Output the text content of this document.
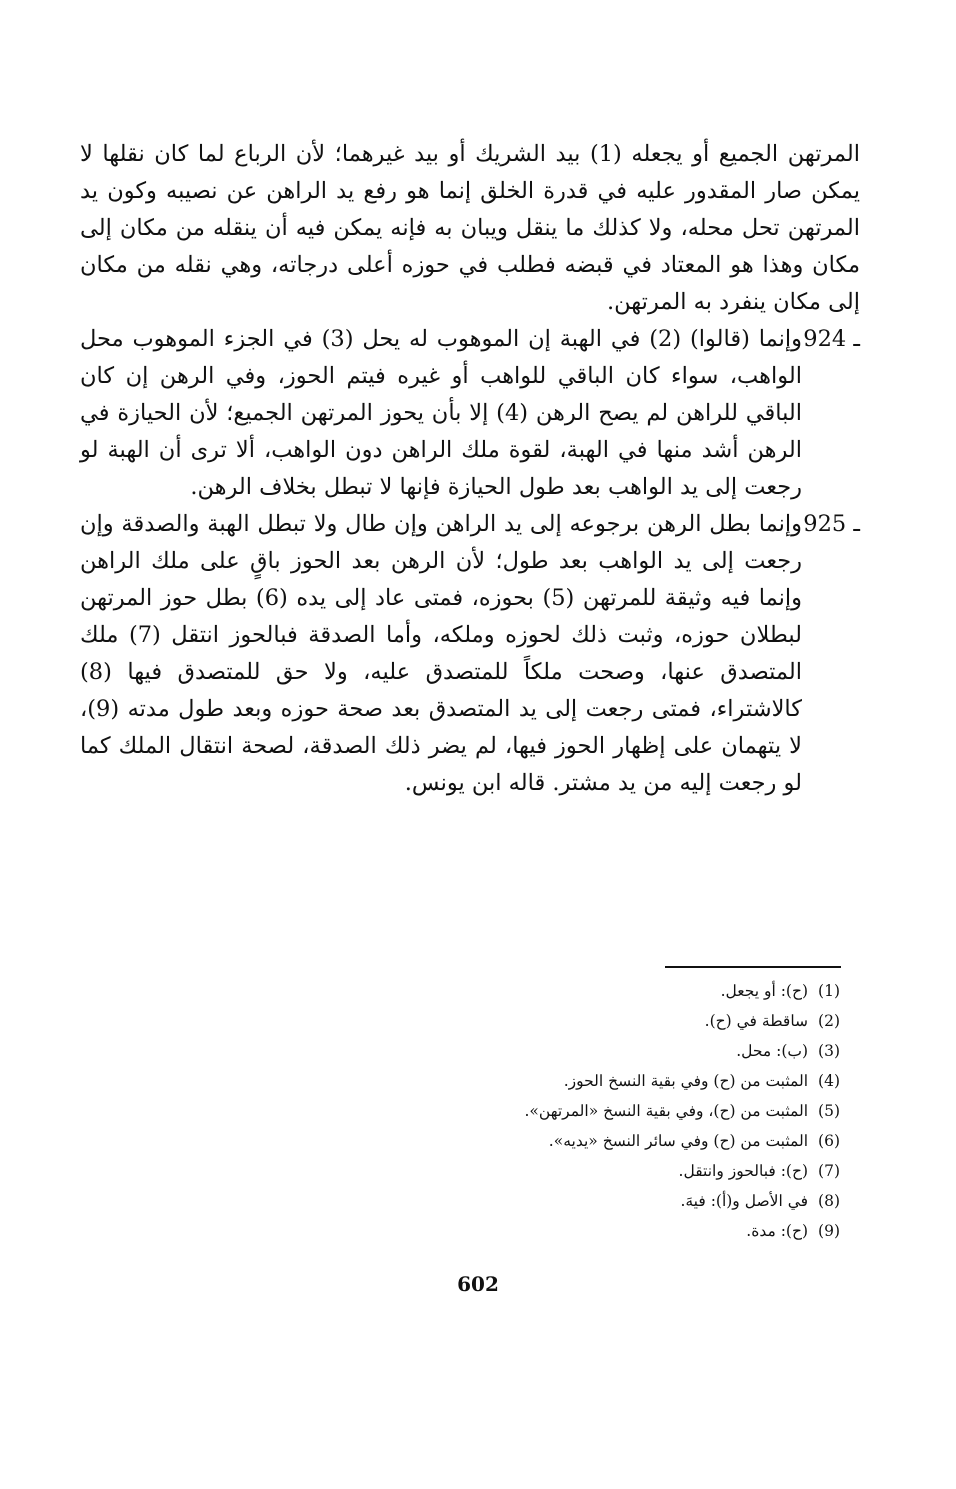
المرتهن الجميع أو يجعله (1) بيد الشريك أو بيد غيرهما؛ لأن الرباع لما كان نقلها لا يمكن صار المقدور عليه في قدرة الخلق إنما هو رفع يد الراهن عن نصيبه وكون يد المرتهن تحل محله، ولا كذلك ما ينقل ويبان به فإنه يمكن فيه أن ينقله من مكان إلى مكان وهذا هو المعتاد في قبضه فطلب في حوزه أعلى درجاته، وهي نقله من مكان إلى مكان ينفرد به المرتهن.

924 ـ
وإنما (قالوا) (2) في الهبة إن الموهوب له يحل (3) في الجزء الموهوب محل الواهب، سواء كان الباقي للواهب أو غيره فيتم الحوز، وفي الرهن إن كان الباقي للراهن لم يصح الرهن (4) إلا بأن يحوز المرتهن الجميع؛ لأن الحيازة في الرهن أشد منها في الهبة، لقوة ملك الراهن دون الواهب، ألا ترى أن الهبة لو رجعت إلى يد الواهب بعد طول الحيازة فإنها لا تبطل بخلاف الرهن.

925 ـ
وإنما بطل الرهن برجوعه إلى يد الراهن وإن طال ولا تبطل الهبة والصدقة وإن رجعت إلى يد الواهب بعد طول؛ لأن الرهن بعد الحوز باقٍ على ملك الراهن وإنما فيه وثيقة للمرتهن (5) بحوزه، فمتى عاد إلى يده (6) بطل حوز المرتهن لبطلان حوزه، وثبت ذلك لحوزه وملكه، وأما الصدقة فبالحوز انتقل (7) ملك المتصدق عنها، وصحت ملكاً للمتصدق عليه، ولا حق للمتصدق فيها (8) كالاشتراء، فمتى رجعت إلى يد المتصدق بعد صحة حوزه وبعد طول مدته (9)، لا يتهمان على إظهار الحوز فيها، لم يضر ذلك الصدقة، لصحة انتقال الملك كما لو رجعت إليه من يد مشتر. قاله ابن يونس.

(1)(ح): أو يجعل.
(2)ساقطة في (ح).
(3)(ب): محل.
(4)المثبت من (ح) وفي بقية النسخ الحوز.
(5)المثبت من (ح)، وفي بقية النسخ «المرتهن».
(6)المثبت من (ح) وفي سائر النسخ «يديه».
(7)(ح): فبالحوز وانتقل.
(8)في الأصل و(أ): فيهَ.
(9)(ح): مدة.
602
